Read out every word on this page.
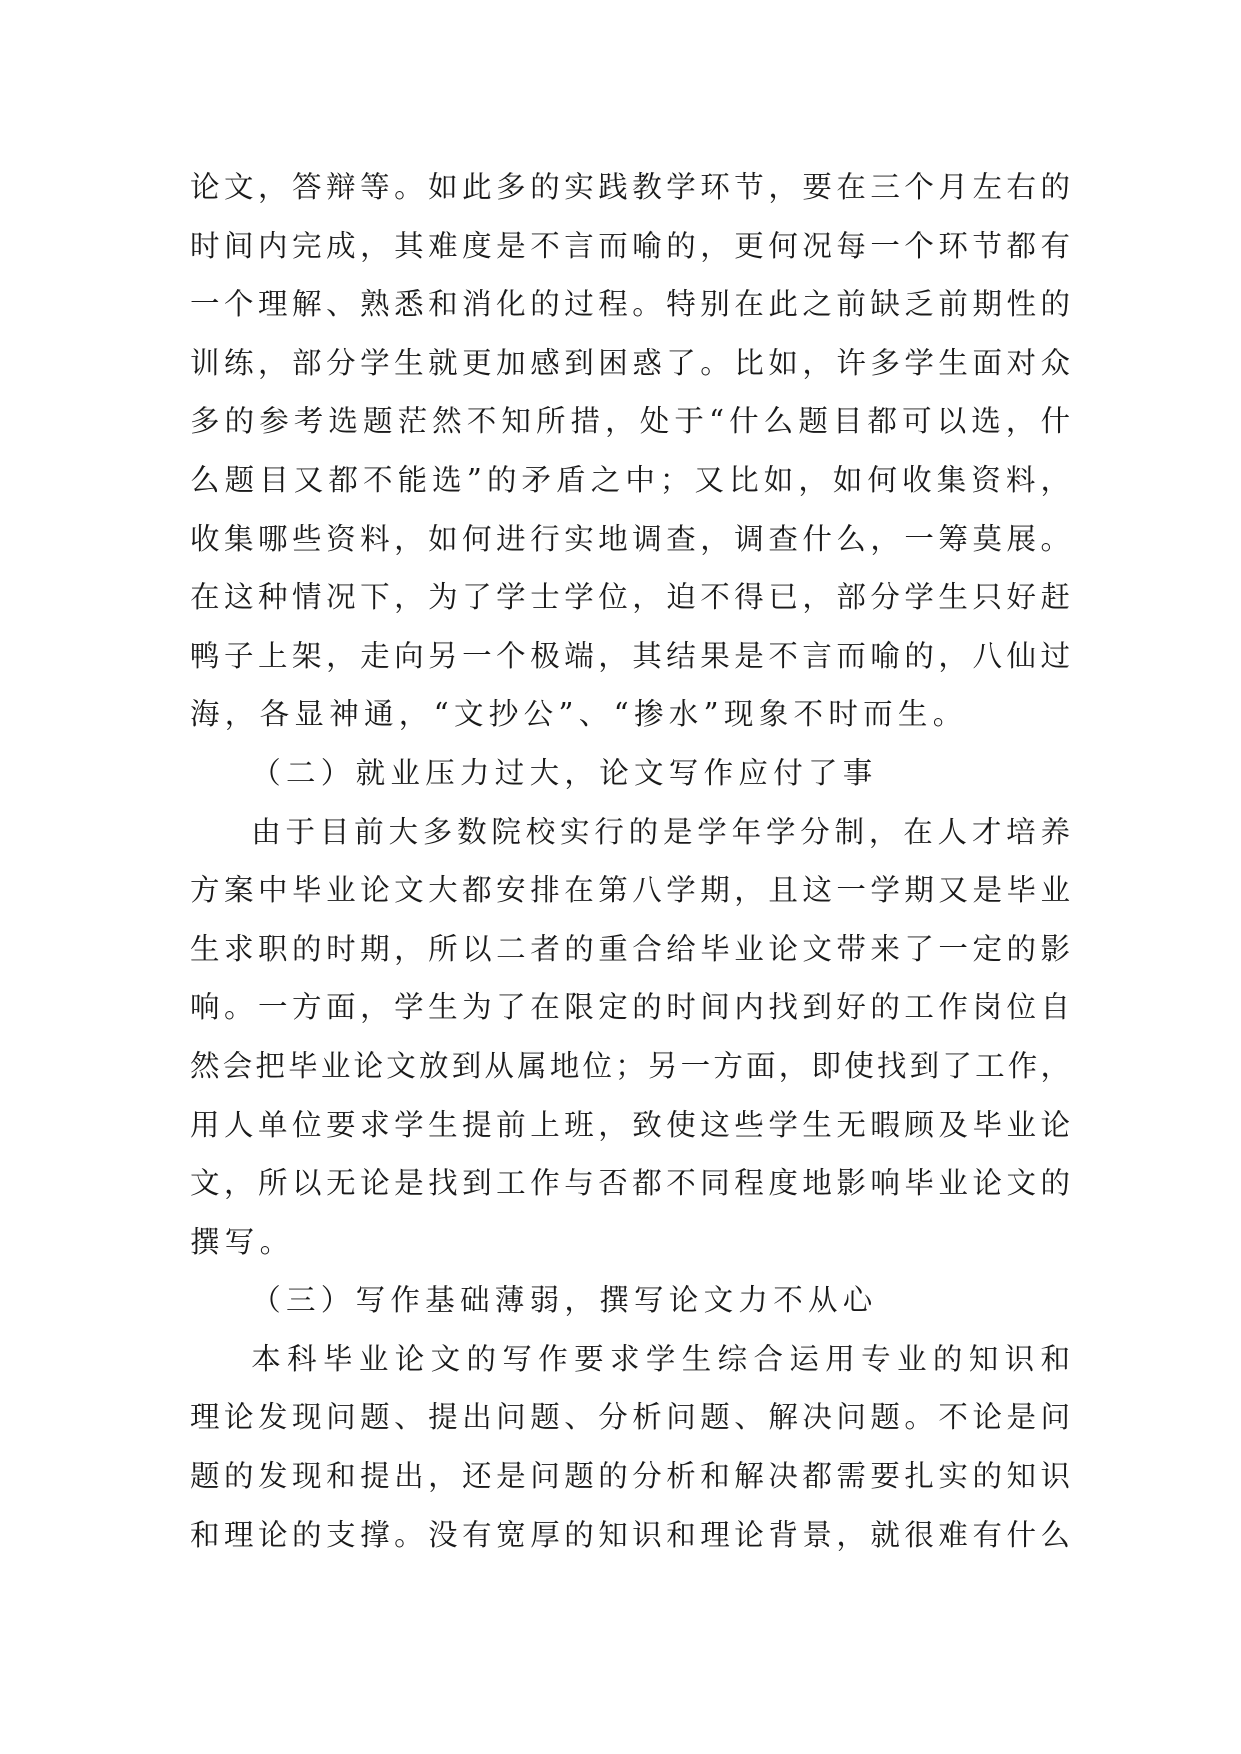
论文，答辩等。如此多的实践教学环节，要在三个月左右的
时间内完成，其难度是不言而喻的，更何况每一个环节都有
一个理解、熟悉和消化的过程。特别在此之前缺乏前期性的
训练，部分学生就更加感到困惑了。比如，许多学生面对众
多的参考选题茫然不知所措，处于“什么题目都可以选，什
么题目又都不能选”的矛盾之中；又比如，如何收集资料，
收集哪些资料，如何进行实地调查，调查什么，一筹莫展。
在这种情况下，为了学士学位，迫不得已，部分学生只好赶
鸭子上架，走向另一个极端，其结果是不言而喻的，八仙过
海，各显神通，“文抄公”、“掺水”现象不时而生。
（二）就业压力过大，论文写作应付了事
由于目前大多数院校实行的是学年学分制，在人才培养
方案中毕业论文大都安排在第八学期，且这一学期又是毕业
生求职的时期，所以二者的重合给毕业论文带来了一定的影
响。一方面，学生为了在限定的时间内找到好的工作岗位自
然会把毕业论文放到从属地位；另一方面，即使找到了工作，
用人单位要求学生提前上班，致使这些学生无暇顾及毕业论
文，所以无论是找到工作与否都不同程度地影响毕业论文的
撰写。
（三）写作基础薄弱，撰写论文力不从心
本科毕业论文的写作要求学生综合运用专业的知识和
理论发现问题、提出问题、分析问题、解决问题。不论是问
题的发现和提出，还是问题的分析和解决都需要扎实的知识
和理论的支撑。没有宽厚的知识和理论背景，就很难有什么
